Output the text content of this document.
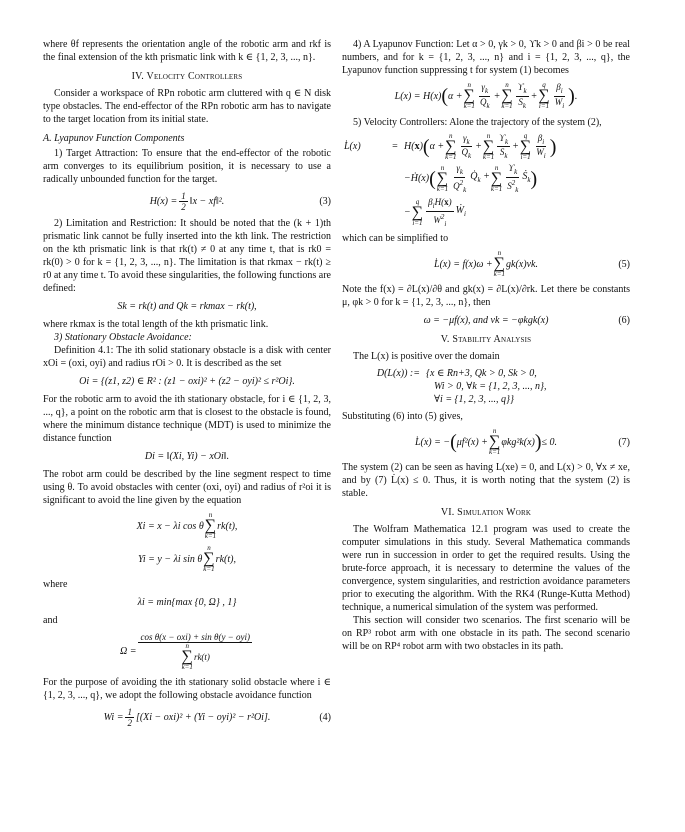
where θf represents the orientation angle of the robotic arm and rkf is the final extension of the kth prismatic link with k ∈ {1, 2, 3, ..., n}.

IV. Velocity Controllers

Consider a workspace of RPn robotic arm cluttered with q ∈ N disk type obstacles. The end-effector of the RPn robotic arm has to navigate to the target location from its initial state.

A. Lyapunov Function Components

1) Target Attraction: To ensure that the end-effector of the robotic arm converges to its equilibrium position, it is necessary to use a radically unbounded function for the target.

$H(x) = \frac{1}{2}$ ‖x − xf‖².	(3)

2) Limitation and Restriction: It should be noted that the (k + 1)th prismatic link cannot be fully inserted into the kth link. The restriction on the kth prismatic link is that rk(t) ≠ 0 at any time t, that is rk0 = rk(0) > 0 for k = {1, 2, 3, ..., n}. The limitation is that rkmax − rk(t) ≥ r0 at any time t. To avoid these singularities, the following functions are defined:

Sk = rk(t) and Qk = rkmax − rk(t),

where rkmax is the total length of the kth prismatic link.

3) Stationary Obstacle Avoidance:

Definition 4.1: The ith solid stationary obstacle is a disk with center xOi = (oxi, oyi) and radius rOi > 0. It is described as the set

Oi = {(z1, z2) ∈ R² : (z1 − oxi)² + (z2 − oyi)² ≤ r²Oi}.

For the robotic arm to avoid the ith stationary obstacle, for i ∈ {1, 2, 3, ..., q}, a point on the robotic arm that is closest to the obstacle is found, where the minimum distance technique (MDT) is used to minimize the distance function

Di = ‖(Xi, Yi) − xOi‖.

The robot arm could be described by the line segment respect to time using θ. To avoid obstacles with center (oxi, oyi) and radius of r²oi it is significant to avoid the line given by the equation

Xi = x − λi cos θ
n
∑
k=1
rk(t),
Yi = y − λi sin θ
n
∑
k=1
rk(t),

where

λi = min{max {0, Ω} , 1}

and

Ω = cos θ(x − oxi) + sin θ(y − oyi)
n
∑
k=1
rk(t)

For the purpose of avoiding the ith stationary solid obstacle where i ∈ {1, 2, 3, ..., q}, we adopt the following obstacle avoidance function

$Wi = \frac{1}{2} [(Xi - oxi)^2 + (Yi - oyi)^2 - r^2Oi]$.	(4)

4) A Lyapunov Function: Let α > 0, γk > 0, ϒk > 0 and βi > 0 be real numbers, and for k = {1, 2, 3, ..., n} and i = {1, 2, 3, ..., q}, the Lyapunov function suppressing t for system (1) becomes

L(x) = H(x) ( α +
n
∑
$k=1 \frac{\gamma_k}{Q_k}$ +
n
∑
$k=1 \frac{ϒ_k}{S_k}$ +
q
∑
$i=1 \frac{\beta_i}{W_i}$ ) .

5) Velocity Controllers: Alone the trajectory of the system (2),

L̇(x)	= H(x) ( α +
n
∑
$k=1 \frac{\gamma_k}{Q_k}$ +
n
∑
$k=1 \frac{ϒ_k}{S_k}$ +
q
∑
$i=1 \frac{\beta_i}{W_i}$ )
−Ḣ(x) ( n
∑
$k=1 \frac{\gamma_k}{Q^2_k}$ $Q̇_k$ +
n
∑
$k=1 \frac{ϒ_k}{S^2_k}$ Ṡ$_k$ )
−
q
∑
$i=1 \frac{\beta_iH(x)}{W^2_i}$ Ẇ$_i$

which can be simplified to

L̇(x) = f(x)ω +
n
∑
k=1
gk(x)vk.	(5)

Note the f(x) = ∂L(x)/∂θ and gk(x) = ∂L(x)/∂rk. Let there be constants μ, φk > 0 for k = {1, 2, 3, ..., n}, then

ω = −μf(x), and vk = −φkgk(x)	(6)
V. Stability Analysis

The L(x) is positive over the domain

D(L(x)) := {x ∈ Rn+3, Qk > 0, Sk > 0,
Wi > 0, ∀k = {1, 2, 3, ..., n},
∀i = {1, 2, 3, ..., q}}

Substituting (6) into (5) gives,

L̇(x) = − ( μf²(x) +
n
∑
k=1
φkg²k(x) ) ≤ 0.	(7)

The system (2) can be seen as having L(xe) = 0, and L(x) > 0, ∀x ≠ xe, and by (7) L̇(x) ≤ 0. Thus, it is worth noting that the system (2) is stable.

VI. Simulation Work

The Wolfram Mathematica 12.1 program was used to create the computer simulations in this study. Several Mathematica commands were run in succession in order to get the required results. Using the brute-force approach, it is necessary to determine the values of the convergence, system singularities, and restriction avoidance parameters prior to executing the algorithm. With the RK4 (Runge-Kutta Method) technique, a numerical simulation of the system was performed.

This section will consider two scenarios. The first scenario will be on RP³ robot arm with one obstacle in its path. The second scenario will be on RP⁴ robot arm with two obstacles in its path.
